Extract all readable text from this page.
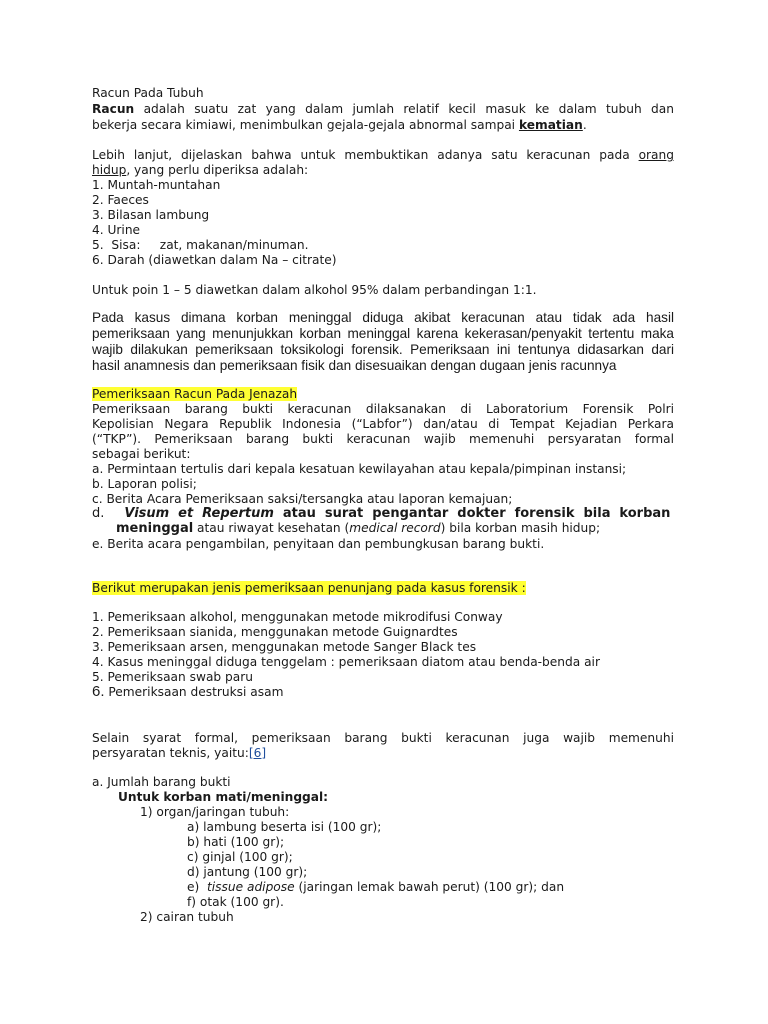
Racun Pada Tubuh
Racun adalah suatu zat yang dalam jumlah relatif kecil masuk ke dalam tubuh dan
bekerja secara kimiawi, menimbulkan gejala-gejala abnormal sampai kematian.
Lebih lanjut, dijelaskan bahwa untuk membuktikan adanya satu keracunan pada orang
hidup, yang perlu diperiksa adalah:
1. Muntah-muntahan
2. Faeces
3. Bilasan lambung
4. Urine
5.  Sisa:     zat, makanan/minuman.
6. Darah (diawetkan dalam Na – citrate)
Untuk poin 1 – 5 diawetkan dalam alkohol 95% dalam perbandingan 1:1.
Pada kasus dimana korban meninggal diduga akibat keracunan atau tidak ada hasil
pemeriksaan yang menunjukkan korban meninggal karena kekerasan/penyakit tertentu maka
wajib dilakukan pemeriksaan toksikologi forensik. Pemeriksaan ini tentunya didasarkan dari
hasil anamnesis dan pemeriksaan fisik dan disesuaikan dengan dugaan jenis racunnya
Pemeriksaan Racun Pada Jenazah
Pemeriksaan barang bukti keracunan dilaksanakan di Laboratorium Forensik Polri
Kepolisian Negara Republik Indonesia (“Labfor”) dan/atau di Tempat Kejadian Perkara
(“TKP”). Pemeriksaan barang bukti keracunan wajib memenuhi persyaratan formal
sebagai berikut:
a. Permintaan tertulis dari kepala kesatuan kewilayahan atau kepala/pimpinan instansi;
b. Laporan polisi;
c. Berita Acara Pemeriksaan saksi/tersangka atau laporan kemajuan;
d. Visum et Repertum atau surat pengantar dokter forensik bila korban
meninggal atau riwayat kesehatan (medical record) bila korban masih hidup;
e. Berita acara pengambilan, penyitaan dan pembungkusan barang bukti.
Berikut merupakan jenis pemeriksaan penunjang pada kasus forensik :
1. Pemeriksaan alkohol, menggunakan metode mikrodifusi Conway
2. Pemeriksaan sianida, menggunakan metode Guignardtes
3. Pemeriksaan arsen, menggunakan metode Sanger Black tes
4. Kasus meninggal diduga tenggelam : pemeriksaan diatom atau benda-benda air
5. Pemeriksaan swab paru
6. Pemeriksaan destruksi asam
Selain syarat formal, pemeriksaan barang bukti keracunan juga wajib memenuhi
persyaratan teknis, yaitu:[6]
a. Jumlah barang bukti
Untuk korban mati/meninggal:
1) organ/jaringan tubuh:
a) lambung beserta isi (100 gr);
b) hati (100 gr);
c) ginjal (100 gr);
d) jantung (100 gr);
e)  tissue adipose (jaringan lemak bawah perut) (100 gr); dan
f) otak (100 gr).
2) cairan tubuh
